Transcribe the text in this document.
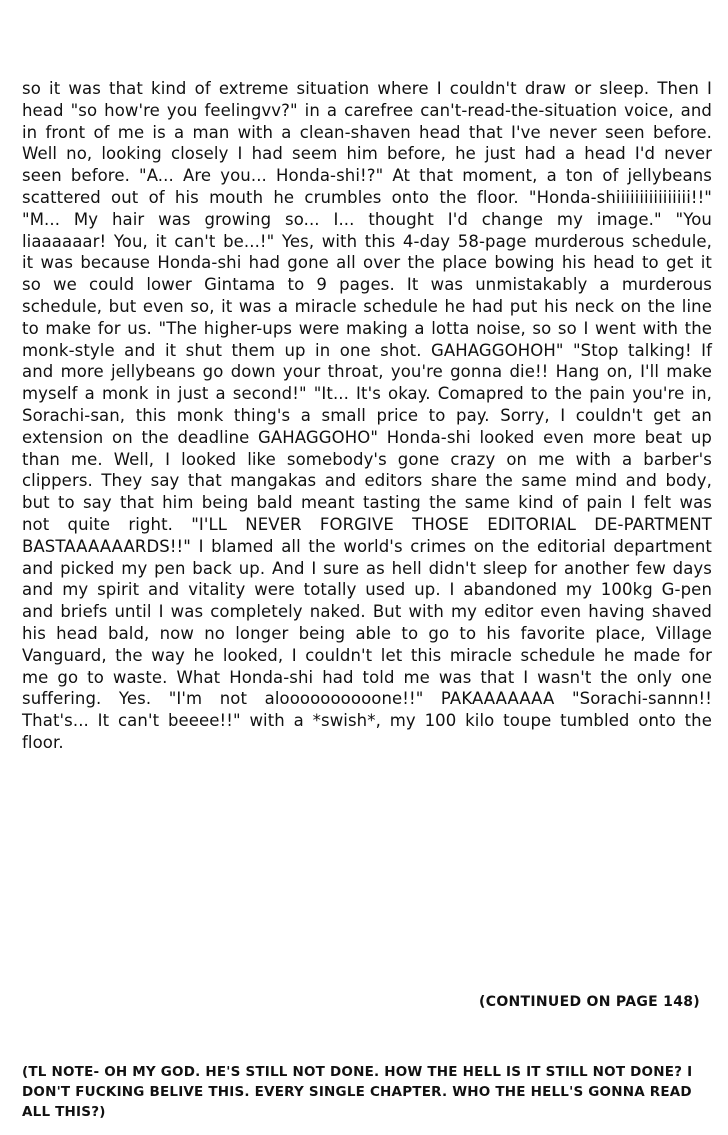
so it was that kind of extreme situation where I couldn't draw or sleep. Then I head "so how're you feelingvv?" in a carefree can't-read-the-situation voice, and in front of me is a man with a clean-shaven head that I've never seen before. Well no, looking closely I had seem him before, he just had a head I'd never seen before. "A... Are you... Honda-shi!?" At that moment, a ton of jellybeans scattered out of his mouth he crumbles onto the floor. "Honda-shiiiiiiiiiiiiiiii!!" "M... My hair was growing so... I... thought I'd change my image." "You liaaaaaar! You, it can't be...!" Yes, with this 4-day 58-page murderous schedule, it was because Honda-shi had gone all over the place bowing his head to get it so we could lower Gintama to 9 pages. It was unmistakably a murderous schedule, but even so, it was a miracle schedule he had put his neck on the line to make for us. "The higher-ups were making a lotta noise, so so I went with the monk-style and it shut them up in one shot. GAHAGGOHOH" "Stop talking! If and more jellybeans go down your throat, you're gonna die!! Hang on, I'll make myself a monk in just a second!" "It... It's okay. Comapred to the pain you're in, Sorachi-san, this monk thing's a small price to pay. Sorry, I couldn't get an extension on the deadline GAHAGGOHO" Honda-shi looked even more beat up than me. Well, I looked like somebody's gone crazy on me with a barber's clippers. They say that mangakas and editors share the same mind and body, but to say that him being bald meant tasting the same kind of pain I felt was not quite right. "I'LL NEVER FORGIVE THOSE EDITORIAL DE-PARTMENT BASTAAAAAARDS!!" I blamed all the world's crimes on the editorial department and picked my pen back up. And I sure as hell didn't sleep for another few days and my spirit and vitality were totally used up. I abandoned my 100kg G-pen and briefs until I was completely naked. But with my editor even having shaved his head bald, now no longer being able to go to his favorite place, Village Vanguard, the way he looked, I couldn't let this miracle schedule he made for me go to waste. What Honda-shi had told me was that I wasn't the only one suffering. Yes. "I'm not aloooooooooone!!" PAKAAAAAAA "Sorachi-sannn!! That's... It can't beeee!!" with a *swish*, my 100 kilo toupe tumbled onto the floor.

(CONTINUED ON PAGE 148)

(TL NOTE- OH MY GOD. HE'S STILL NOT DONE. HOW THE HELL IS IT STILL NOT DONE? I DON'T FUCKING BELIVE THIS. EVERY SINGLE CHAPTER. WHO THE HELL'S GONNA READ ALL THIS?)
